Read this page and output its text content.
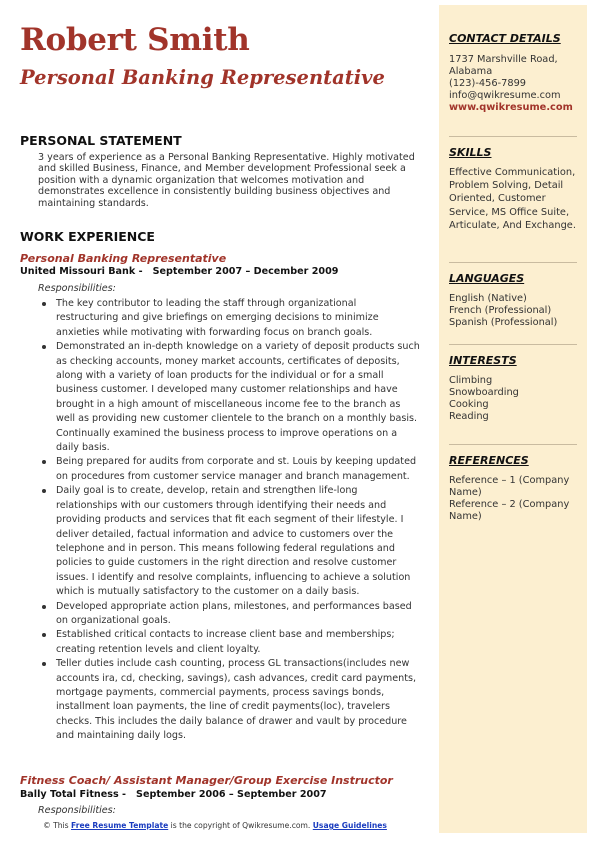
Robert Smith
Personal Banking Representative
PERSONAL STATEMENT
3 years of experience as a Personal Banking Representative. Highly motivated and skilled Business, Finance, and Member development Professional seek a position with a dynamic organization that welcomes motivation and demonstrates excellence in consistently building business objectives and maintaining standards.
WORK EXPERIENCE
Personal Banking Representative
United Missouri Bank - September 2007 – December 2009
Responsibilities:
The key contributor to leading the staff through organizational restructuring and give briefings on emerging decisions to minimize anxieties while motivating with forwarding focus on branch goals.
Demonstrated an in-depth knowledge on a variety of deposit products such as checking accounts, money market accounts, certificates of deposits, along with a variety of loan products for the individual or for a small business customer. I developed many customer relationships and have brought in a high amount of miscellaneous income fee to the branch as well as providing new customer clientele to the branch on a monthly basis. Continually examined the business process to improve operations on a daily basis.
Being prepared for audits from corporate and st. Louis by keeping updated on procedures from customer service manager and branch management.
Daily goal is to create, develop, retain and strengthen life-long relationships with our customers through identifying their needs and providing products and services that fit each segment of their lifestyle. I deliver detailed, factual information and advice to customers over the telephone and in person. This means following federal regulations and policies to guide customers in the right direction and resolve customer issues. I identify and resolve complaints, influencing to achieve a solution which is mutually satisfactory to the customer on a daily basis.
Developed appropriate action plans, milestones, and performances based on organizational goals.
Established critical contacts to increase client base and memberships; creating retention levels and client loyalty.
Teller duties include cash counting, process GL transactions(includes new accounts ira, cd, checking, savings), cash advances, credit card payments, mortgage payments, commercial payments, process savings bonds, installment loan payments, the line of credit payments(loc), travelers checks. This includes the daily balance of drawer and vault by procedure and maintaining daily logs.
Fitness Coach/ Assistant Manager/Group Exercise Instructor
Bally Total Fitness - September 2006 – September 2007
Responsibilities:
CONTACT DETAILS
1737 Marshville Road,
Alabama
(123)-456-7899
info@qwikresume.com
www.qwikresume.com
SKILLS
Effective Communication, Problem Solving, Detail Oriented, Customer Service, MS Office Suite, Articulate, And Exchange.
LANGUAGES
English (Native)
French (Professional)
Spanish (Professional)
INTERESTS
Climbing
Snowboarding
Cooking
Reading
REFERENCES
Reference – 1 (Company Name)
Reference – 2 (Company Name)
© This Free Resume Template is the copyright of Qwikresume.com. Usage Guidelines
